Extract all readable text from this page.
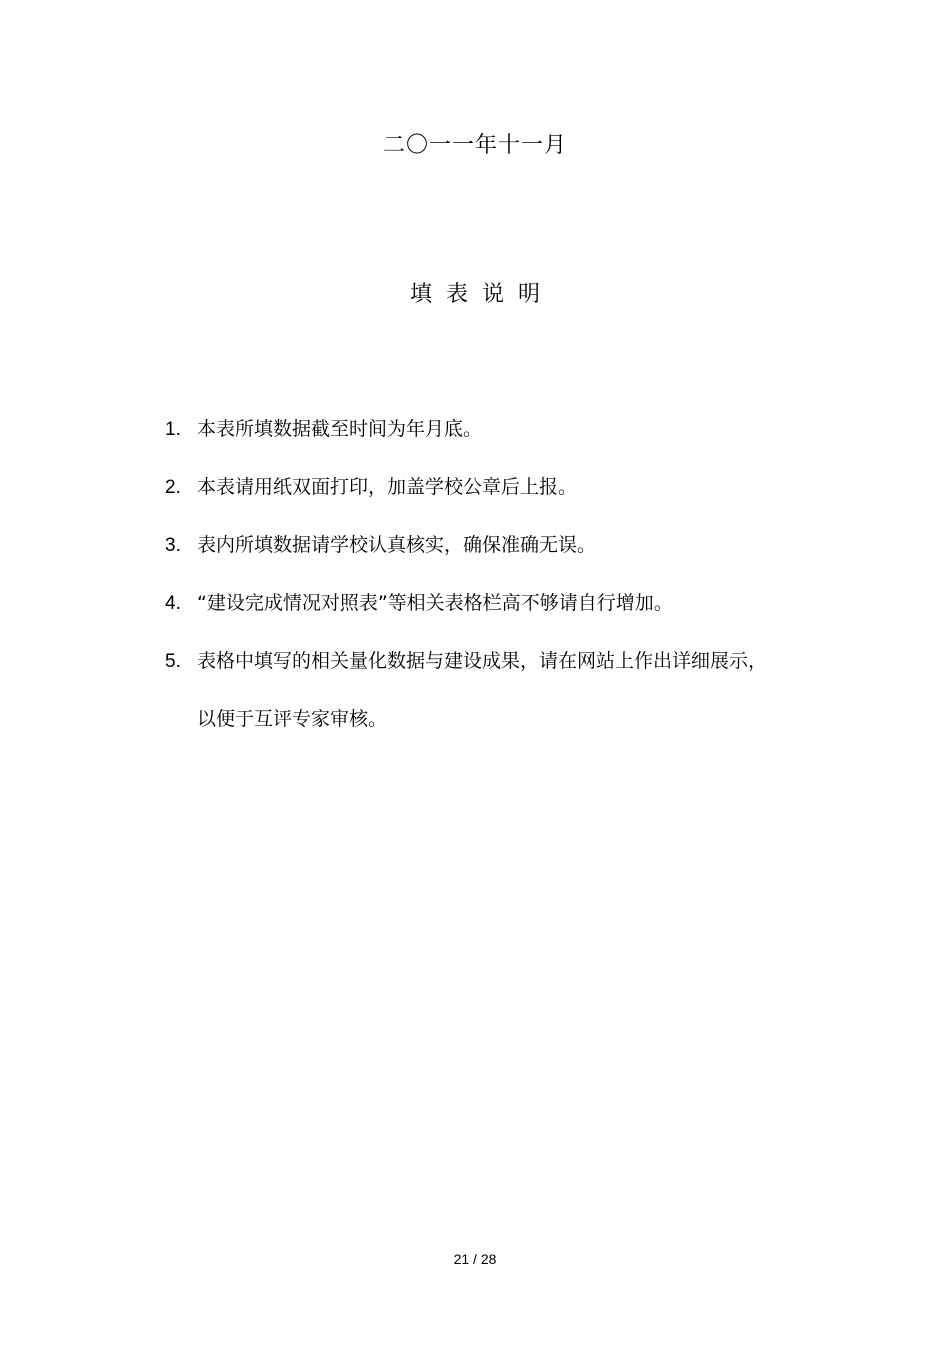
二〇一一年十一月
填表说明
1. 本表所填数据截至时间为年月底。
2. 本表请用纸双面打印，加盖学校公章后上报。
3. 表内所填数据请学校认真核实，确保准确无误。
4. “建设完成情况对照表”等相关表格栏高不够请自行增加。
5. 表格中填写的相关量化数据与建设成果，请在网站上作出详细展示，
以便于互评专家审核。
21 / 28
